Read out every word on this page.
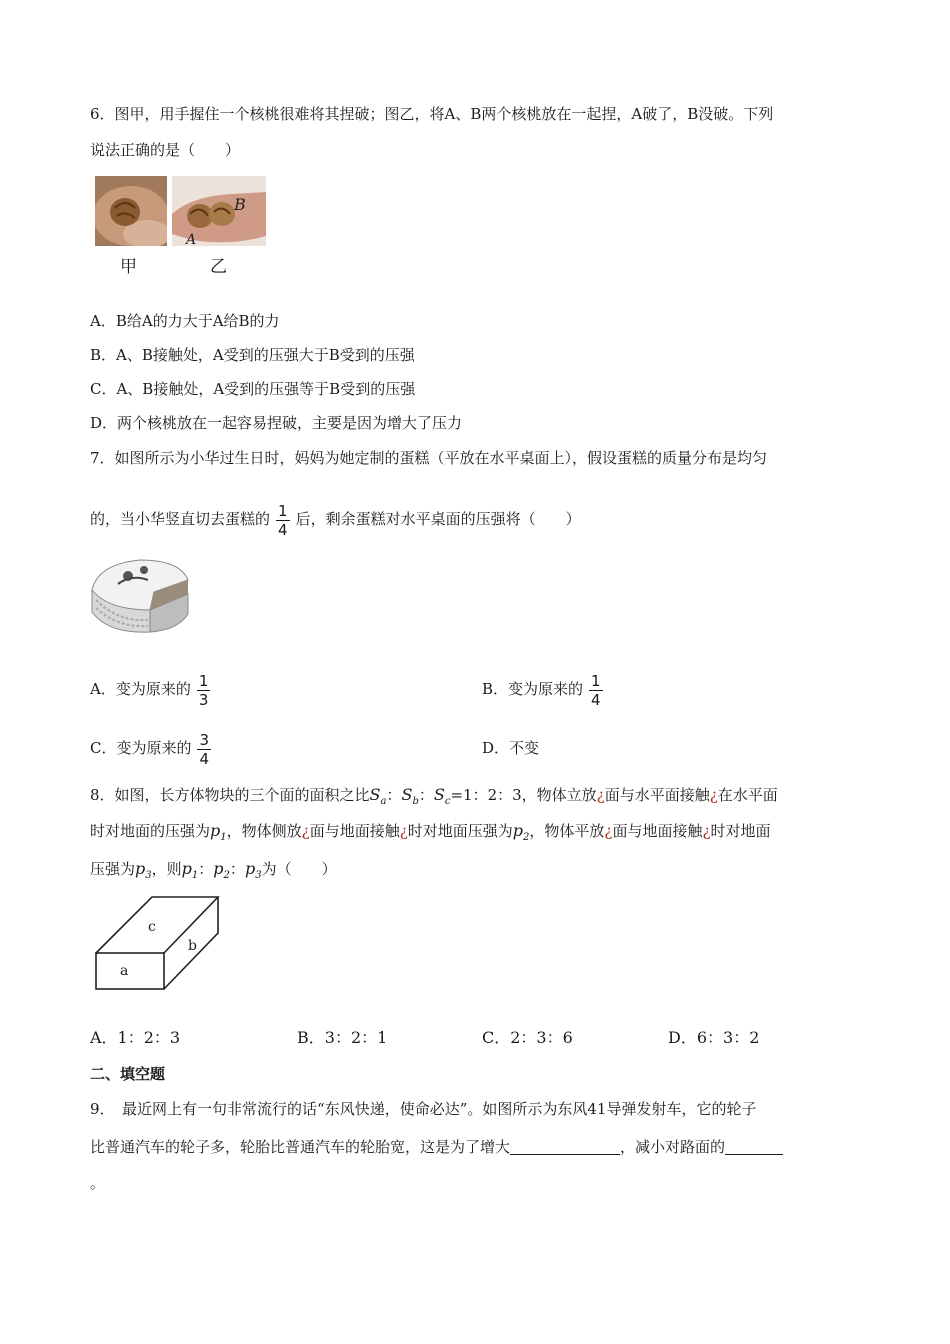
6．图甲，用手握住一个核桃很难将其捏破；图乙，将A、B两个核桃放在一起捏，A破了，B没破。下列
说法正确的是（　　）
B
A
甲	乙
A．B给A的力大于A给B的力
B．A、B接触处，A受到的压强大于B受到的压强
C．A、B接触处，A受到的压强等于B受到的压强
D．两个核桃放在一起容易捏破，主要是因为增大了压力
7．如图所示为小华过生日时，妈妈为她定制的蛋糕（平放在水平桌面上），假设蛋糕的质量分布是均匀
的，当小华竖直切去蛋糕的 $\frac{1}{4}$ 后，剩余蛋糕对水平桌面的压强将（　　）
A．变为原来的 $\frac{1}{3}$	B．变为原来的 $\frac{1}{4}$
C．变为原来的 $\frac{3}{4}$	D．不变
8．如图，长方体物块的三个面的面积之比$S_a$：$S_b$：$S_c=1$：2：3，物体立放¿面与水平面接触¿在水平面
时对地面的压强为$p_1$，物体侧放¿面与地面接触¿时对地面压强为$p_2$，物体平放¿面与地面接触¿时对地面
压强为$p_3$，则$p_1$：$p_2$：$p_3$为（　　）
c
b
a
A．1：2：3	B．3：2：1	C．2：3：6	D．6：3：2
二、填空题
9．　最近网上有一句非常流行的话“东风快递，使命必达”。如图所示为东风41导弹发射车，它的轮子
比普通汽车的轮子多，轮胎比普通汽车的轮胎宽，这是为了增大	，减小对路面的
。
